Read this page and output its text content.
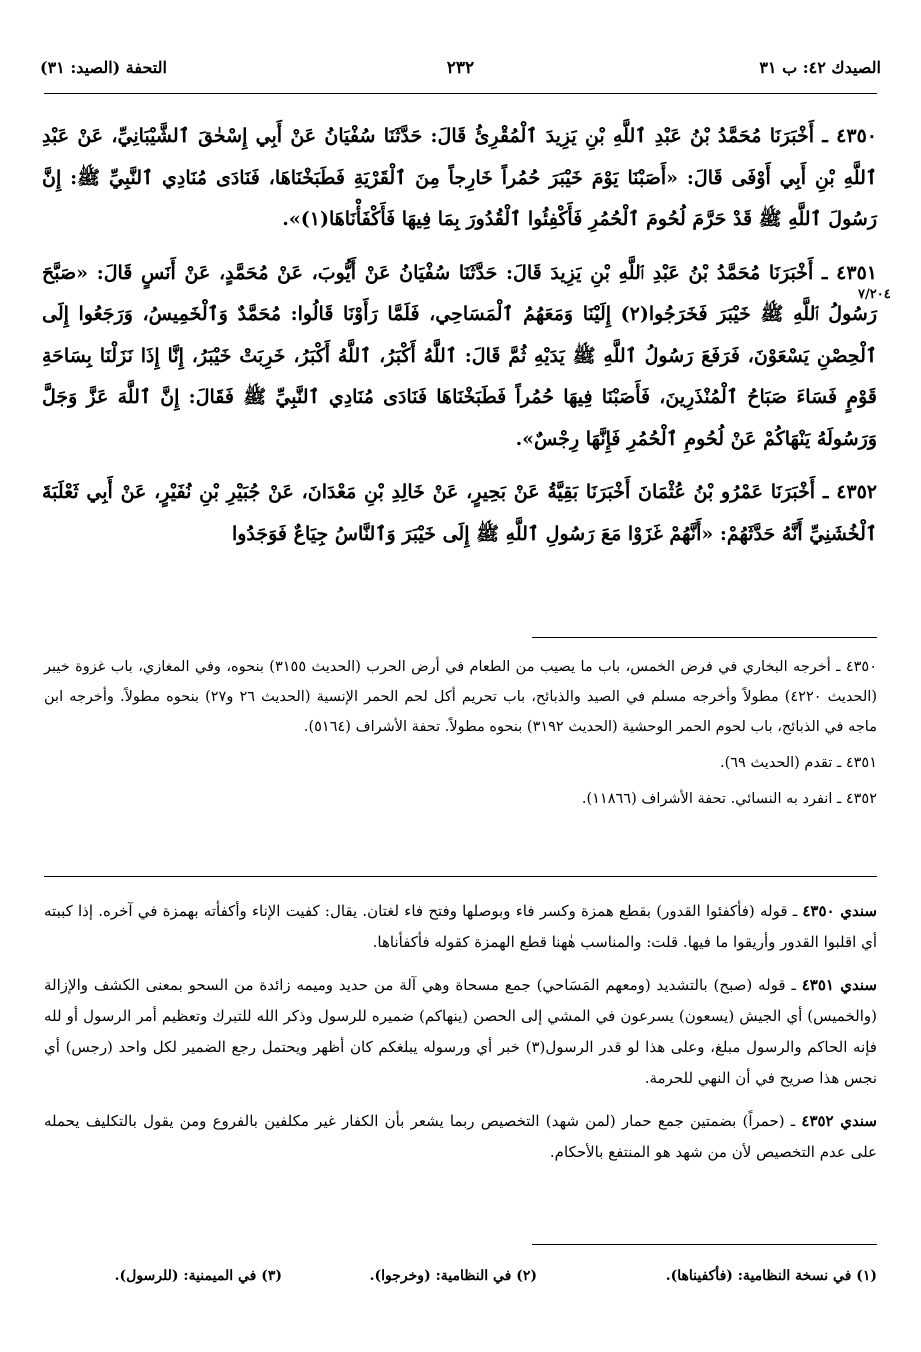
الصيدك ٤٢: ب ٣١
٢٣٢
التحفة (الصيد: ٣١)
٧/٢٠٤

٤٣٥٠ ـ أَخْبَرَنَا مُحَمَّدُ بْنُ عَبْدِ ٱللَّهِ بْنِ يَزِيدَ ٱلْمُقْرِئُ قَالَ: حَدَّثَنَا سُفْيَانُ عَنْ أَبِي إِسْحٰقَ ٱلشَّيْبَانِيِّ، عَنْ عَبْدِ ٱللَّهِ بْنِ أَبِي أَوْفَى قَالَ: «أَصَبْنَا يَوْمَ خَيْبَرَ حُمُراً خَارِجاً مِنَ ٱلْقَرْيَةِ فَطَبَخْنَاهَا، فَنَادَى مُنَادِي ٱلنَّبِيِّ ﷺ: إِنَّ رَسُولَ ٱللَّهِ ﷺ قَدْ حَرَّمَ لُحُومَ ٱلْحُمُرِ فَأَكْفِئُوا ٱلْقُدُورَ بِمَا فِيهَا فَأَكْفَأْنَاهَا(١)».

٤٣٥١ ـ أَخْبَرَنَا مُحَمَّدُ بْنُ عَبْدِ ٱللَّهِ بْنِ يَزِيدَ قَالَ: حَدَّثَنَا سُفْيَانُ عَنْ أَيُّوبَ، عَنْ مُحَمَّدٍ، عَنْ أَنَسٍ قَالَ: «صَبَّحَ رَسُولُ ٱللَّهِ ﷺ خَيْبَرَ فَخَرَجُوا(٢) إِلَيْنَا وَمَعَهُمُ ٱلْمَسَاحِي، فَلَمَّا رَأَوْنَا قَالُوا: مُحَمَّدٌ وَٱلْخَمِيسُ، وَرَجَعُوا إِلَى ٱلْحِصْنِ يَسْعَوْنَ، فَرَفَعَ رَسُولُ ٱللَّهِ ﷺ يَدَيْهِ ثُمَّ قَالَ: ٱللَّهُ أَكْبَرُ، ٱللَّهُ أَكْبَرُ، خَرِبَتْ خَيْبَرُ، إِنَّا إِذَا نَزَلْنَا بِسَاحَةِ قَوْمٍ فَسَاءَ صَبَاحُ ٱلْمُنْذَرِينَ، فَأَصَبْنَا فِيهَا حُمُراً فَطَبَخْنَاهَا فَنَادَى مُنَادِي ٱلنَّبِيِّ ﷺ فَقَالَ: إِنَّ ٱللَّهَ عَزَّ وَجَلَّ وَرَسُولَهُ يَنْهَاكُمْ عَنْ لُحُومِ ٱلْحُمُرِ فَإِنَّهَا رِجْسٌ».

٤٣٥٢ ـ أَخْبَرَنَا عَمْرُو بْنُ عُثْمَانَ أَخْبَرَنَا بَقِيَّةُ عَنْ بَحِيرٍ، عَنْ خَالِدِ بْنِ مَعْدَانَ، عَنْ جُبَيْرِ بْنِ نُفَيْرٍ، عَنْ أَبِي ثَعْلَبَةَ ٱلْخُشَنِيِّ أَنَّهُ حَدَّثَهُمْ: «أَنَّهُمْ غَزَوْا مَعَ رَسُولِ ٱللَّهِ ﷺ إِلَى خَيْبَرَ وَٱلنَّاسُ جِيَاعٌ فَوَجَدُوا

٤٣٥٠ ـ أخرجه البخاري في فرض الخمس، باب ما يصيب من الطعام في أرض الحرب (الحديث ٣١٥٥) بنحوه، وفي المغازي، باب غزوة خيبر (الحديث ٤٢٢٠) مطولاً وأخرجه مسلم في الصيد والذبائح، باب تحريم أكل لحم الحمر الإنسية (الحديث ٢٦ و٢٧) بنحوه مطولاً. وأخرجه ابن ماجه في الذبائح، باب لحوم الحمر الوحشية (الحديث ٣١٩٢) بنحوه مطولاً. تحفة الأشراف (٥١٦٤).

٤٣٥١ ـ تقدم (الحديث ٦٩).

٤٣٥٢ ـ انفرد به النسائي. تحفة الأشراف (١١٨٦٦).

سندي ٤٣٥٠ ـ قوله (فأكفئوا القدور) بقطع همزة وكسر فاء وبوصلها وفتح فاء لغتان. يقال: كفيت الإناء وأكفأته بهمزة في آخره. إذا كببته أي اقلبوا القدور وأريقوا ما فيها. قلت: والمناسب هٰهنا قطع الهمزة كقوله فأكفأناها.

سندي ٤٣٥١ ـ قوله (صبح) بالتشديد (ومعهم المَسَاحي) جمع مسحاة وهي آلة من حديد وميمه زائدة من السحو بمعنى الكشف والإزالة (والخميس) أي الجيش (يسعون) يسرعون في المشي إلى الحصن (ينهاكم) ضميره للرسول وذكر الله للتبرك وتعظيم أمر الرسول أو لله فإنه الحاكم والرسول مبلغ، وعلى هذا لو قدر الرسول(٣) خبر أي ورسوله يبلغكم كان أظهر ويحتمل رجع الضمير لكل واحد (رجس) أي نجس هذا صريح في أن النهي للحرمة.

سندي ٤٣٥٢ ـ (حمراً) بضمتين جمع حمار (لمن شهد) التخصيص ربما يشعر بأن الكفار غير مكلفين بالفروع ومن يقول بالتكليف يحمله على عدم التخصيص لأن من شهد هو المنتفع بالأحكام.

(١) في نسخة النظامية: (فأكفيناها).
(٢) في النظامية: (وخرجوا).
(٣) في الميمنية: (للرسول).
